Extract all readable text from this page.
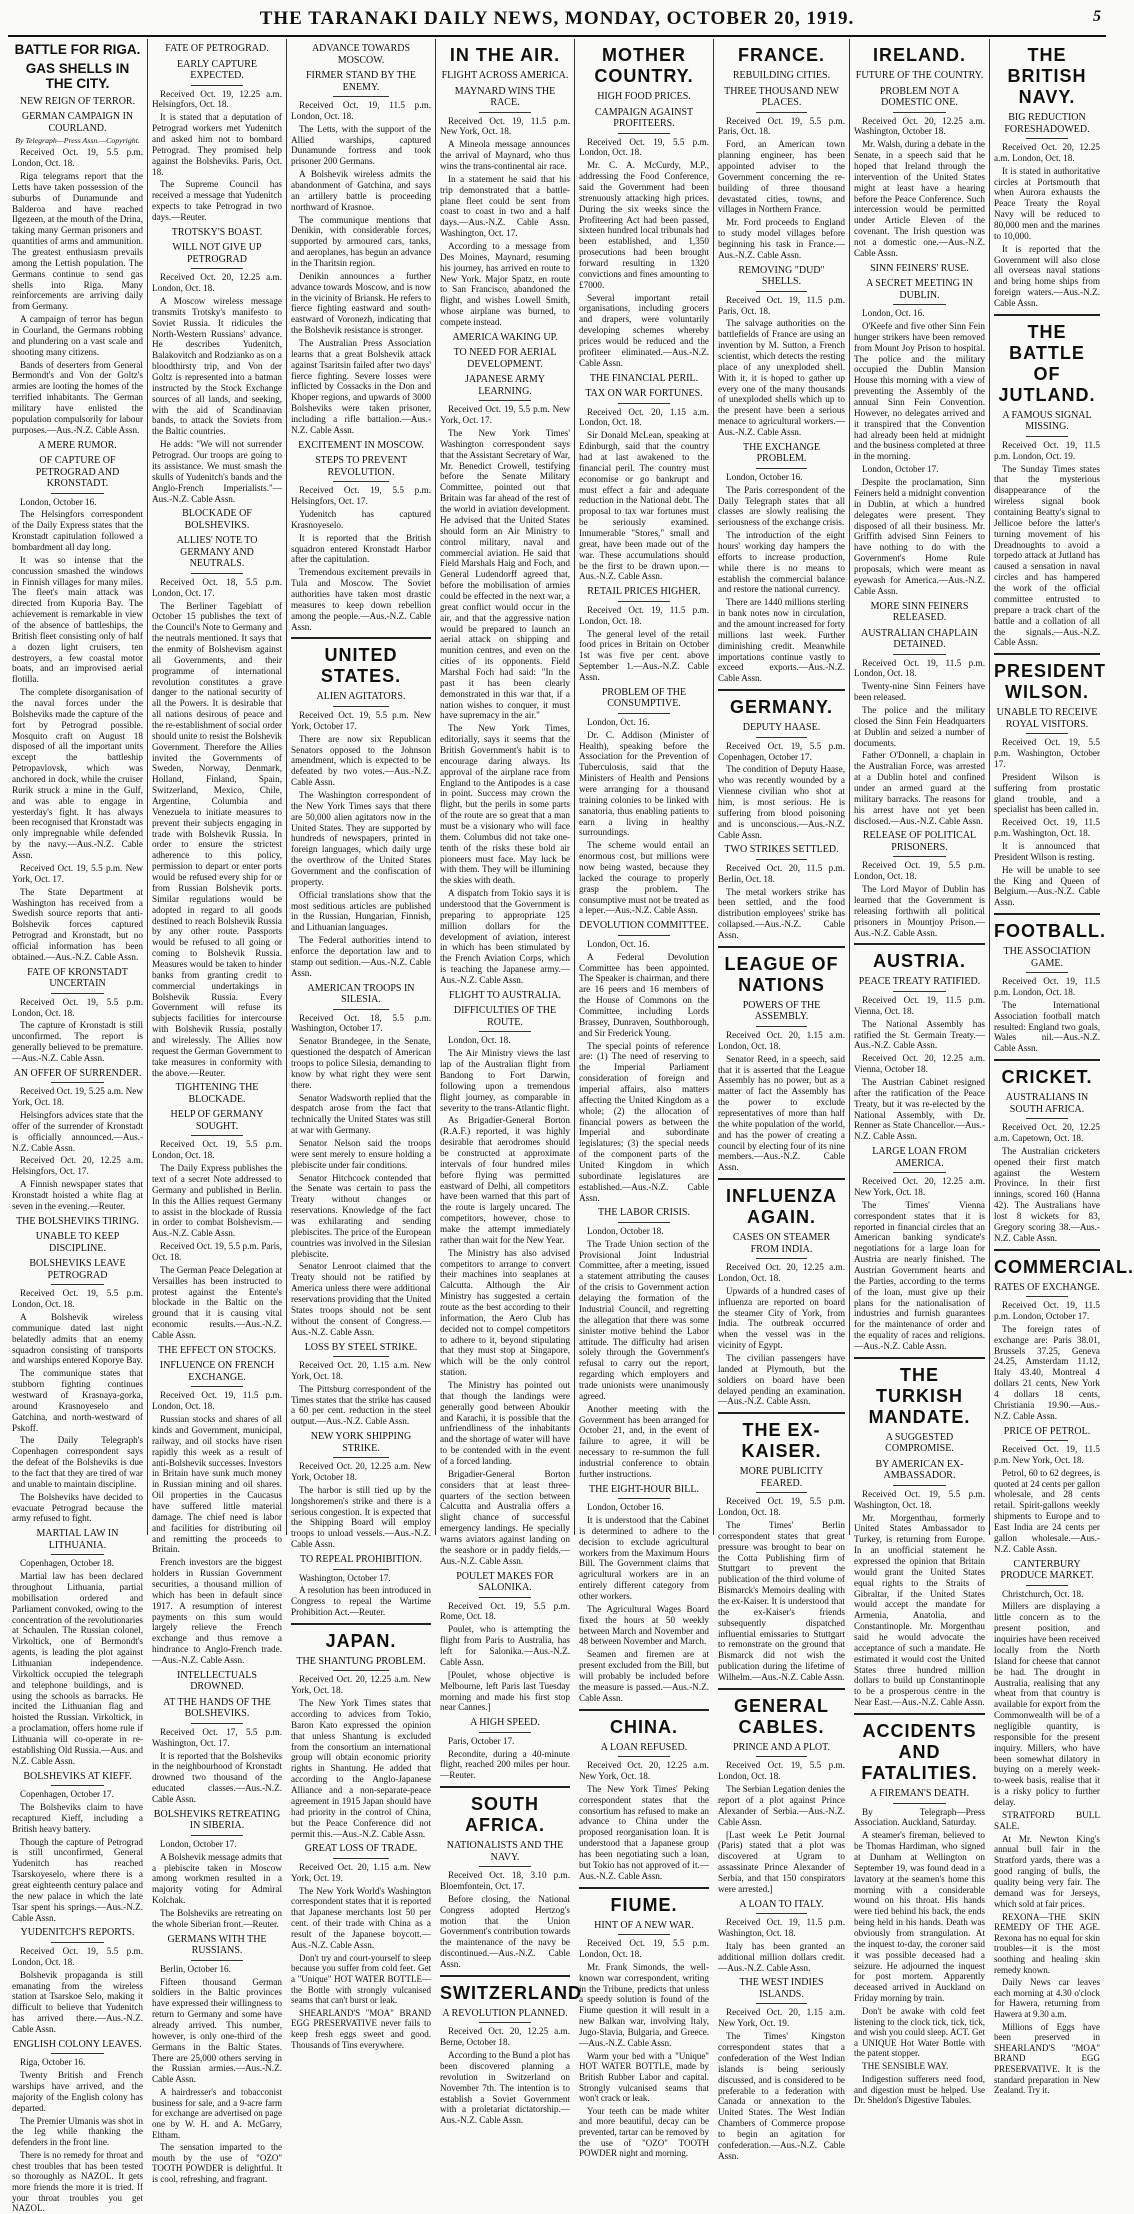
THE TARANAKI DAILY NEWS, MONDAY, OCTOBER 20, 1919.	5
BATTLE FOR RIGA.
GAS SHELLS IN THE CITY.
NEW REIGN OF TERROR.
GERMAN CAMPAIGN IN COURLAND.

By Telegraph—Press Assn.—Copyright.

Received Oct. 19, 5.5 p.m. London, Oct. 18.

Riga telegrams report that the Letts have taken possession of the suburbs of Dunamunde and Balderoa and have reached Ilgezeen, at the mouth of the Drina, taking many German prisoners and quantities of arms and ammunition. The greatest enthusiasm prevails among the Lettish population. The Germans continue to send gas shells into Riga. Many reinforcements are arriving daily from Germany.

A campaign of terror has begun in Courland, the Germans robbing and plundering on a vast scale and shooting many citizens.

Bands of deserters from General Bermondt's and Von der Goltz's armies are looting the homes of the terrified inhabitants. The German military have enlisted the population compulsorily for labour purposes.—Aus.-N.Z. Cable Assn.

A MERE RUMOR.
OF CAPTURE OF PETROGRAD AND KRONSTADT.

London, October 16.

The Helsingfors correspondent of the Daily Express states that the Kronstadt capitulation followed a bombardment all day long.

It was so intense that the concussion smashed the windows in Finnish villages for many miles. The fleet's main attack was directed from Kuporia Bay. The achievement is remarkable in view of the absence of battleships, the British fleet consisting only of half a dozen light cruisers, ten destroyers, a few coastal motor boats, and an improvised aerial flotilla.

The complete disorganisation of the naval forces under the Bolsheviks made the capture of the fort by Petrograd possible. Mosquito craft on August 18 disposed of all the important units except the battleship Petropavlovsk, which was anchored in dock, while the cruiser Rurik struck a mine in the Gulf, and was able to engage in yesterday's fight. It has always been recognised that Kronstadt was only impregnable while defended by the navy.—Aus.-N.Z. Cable Assn.

Received Oct. 19, 5.5 p.m. New York, Oct. 17.

The State Department at Washington has received from a Swedish source reports that anti-Bolshevik forces captured Petrograd and Kronstadt, but no official information has been obtained.—Aus.-N.Z. Cable Assn.

FATE OF KRONSTADT UNCERTAIN

Received Oct. 19, 5.5 p.m. London, Oct. 18.

The capture of Kronstadt is still unconfirmed. The report is generally believed to be premature.—Aus.-N.Z. Cable Assn.

AN OFFER OF SURRENDER.

Received Oct. 19, 5.25 a.m. New York, Oct. 18.

Helsingfors advices state that the offer of the surrender of Kronstadt is officially announced.—Aus.-N.Z. Cable Assn.

Received Oct. 20, 12.25 a.m. Helsingfors, Oct. 17.

A Finnish newspaper states that Kronstadt hoisted a white flag at seven in the evening.—Reuter.

THE BOLSHEVIKS TIRING.
UNABLE TO KEEP DISCIPLINE.
BOLSHEVIKS LEAVE PETROGRAD

Received Oct. 19, 5.5 p.m. London, Oct. 18.

A Bolshevik wireless communique dated last night belatedly admits that an enemy squadron consisting of transports and warships entered Koporye Bay.

The communique states that stubborn fighting continues westward of Krasnaya-gorka, around Krasnoyeselo and Gatchina, and north-westward of Pskoff.

The Daily Telegraph's Copenhagen correspondent says the defeat of the Bolsheviks is due to the fact that they are tired of war and unable to maintain discipline.

The Bolsheviks have decided to evacuate Petrograd because the army refused to fight.

MARTIAL LAW IN LITHUANIA.

Copenhagen, October 18.

Martial law has been declared throughout Lithuania, partial mobilisation ordered and Parliament convoked, owing to the concentration of the revolutionaries at Schaulen. The Russian colonel, Virkoltick, one of Bermondt's agents, is leading the plot against Lithuanian independence. Virkoltick occupied the telegraph and telephone buildings, and is using the schools as barracks. He incited the Lithuanian flag and hoisted the Russian. Virkoltick, in a proclamation, offers home rule if Lithuania will co-operate in re-establishing Old Russia.—Aus. and N.Z. Cable Assn.

BOLSHEVIKS AT KIEFF.

Copenhagen, October 17.

The Bolsheviks claim to have recaptured Kieff, including a British heavy battery.

Though the capture of Petrograd is still unconfirmed, General Yudenitch has reached Tsarskoyeselo, where there is a great eighteenth century palace and the new palace in which the late Tsar spent his springs.—Aus.-N.Z. Cable Assn.

YUDENITCH'S REPORTS.

Received Oct. 19, 5.5 p.m. London, Oct. 18.

Bolshevik propaganda is still emanating from the wireless station at Tsarskoe Selo, making it difficult to believe that Yudenitch has arrived there.—Aus.-N.Z. Cable Assn.

ENGLISH COLONY LEAVES.

Riga, October 16.

Twenty British and French warships have arrived, and the majority of the English colony has departed.

The Premier Ulmanis was shot in the leg while thanking the defenders in the front line.

There is no remedy for throat and chest troubles that has been tested so thoroughly as NAZOL. It gets more friends the more it is tried. If your throat troubles you get NAZOL.

FATE OF PETROGRAD.
EARLY CAPTURE EXPECTED.

Received Oct. 19, 12.25 a.m. Helsingfors, Oct. 18.

It is stated that a deputation of Petrograd workers met Yudenitch and asked him not to bombard Petrograd. They promised help against the Bolsheviks. Paris, Oct. 18.

The Supreme Council has received a message that Yudenitch expects to take Petrograd in two days.—Reuter.

TROTSKY'S BOAST.
WILL NOT GIVE UP PETROGRAD

Received Oct. 20, 12.25 a.m. London, Oct. 18.

A Moscow wireless message transmits Trotsky's manifesto to Soviet Russia. It ridicules the North-Western Russians' advance. He describes Yudenitch, Balakovitch and Rodzianko as on a bloodthirsty trip, and Von der Goltz is represented into a batman instructed by the Stock Exchange sources of all lands, and seeking, with the aid of Scandinavian bands, to attack the Soviets from the Baltic countries.

He adds: "We will not surrender Petrograd. Our troops are going to its assistance. We must smash the skulls of Yudenitch's bands and the Anglo-French Imperialists."—Aus.-N.Z. Cable Assn.

BLOCKADE OF BOLSHEVIKS.
ALLIES' NOTE TO GERMANY AND NEUTRALS.

Received Oct. 18, 5.5 p.m. London, Oct. 17.

The Berliner Tageblatt of October 15 publishes the text of the Council's Note to Germany and the neutrals mentioned. It says that the enmity of Bolshevism against all Governments, and their programme of international revolution constitutes a grave danger to the national security of all the Powers. It is desirable that all nations desirous of peace and the re-establishment of social order should unite to resist the Bolshevik Government. Therefore the Allies invited the Governments of Sweden, Norway, Denmark, Holland, Finland, Spain, Switzerland, Mexico, Chile, Argentine, Columbia and Venezuela to initiate measures to prevent their subjects engaging in trade with Bolshevik Russia. In order to ensure the strictest adherence to this policy, permission to depart or enter ports would be refused every ship for or from Russian Bolshevik ports. Similar regulations would be adopted in regard to all goods destined to reach Bolshevik Russia by any other route. Passports would be refused to all going or coming to Bolshevik Russia. Measures would be taken to hinder banks from granting credit to commercial undertakings in Bolshevik Russia. Every Government will refuse its subjects facilities for intercourse with Bolshevik Russia, postally and wirelessly. The Allies now request the German Government to take measures in conformity with the above.—Reuter.

TIGHTENING THE BLOCKADE.
HELP OF GERMANY SOUGHT.

Received Oct. 19, 5.5 p.m. London, Oct. 18.

The Daily Express publishes the text of a secret Note addressed to Germany and published in Berlin. In this the Allies request Germany to assist in the blockade of Russia in order to combat Bolshevism.—Aus.-N.Z. Cable Assn.

Received Oct. 19, 5.5 p.m. Paris, Oct. 18.

The German Peace Delegation at Versailles has been instructed to protest against the Entente's blockade in the Baltic on the ground that it is causing vital economic results.—Aus.-N.Z. Cable Assn.

THE EFFECT ON STOCKS.
INFLUENCE ON FRENCH EXCHANGE.

Received Oct. 19, 11.5 p.m. London, Oct. 18.

Russian stocks and shares of all kinds and Government, municipal, railway, and oil stocks have risen rapidly this week as a result of anti-Bolshevik successes. Investors in Britain have sunk much money in Russian mining and oil shares. Oil properties in the Caucasus have suffered little material damage. The chief need is labor and facilities for distributing oil and remitting the proceeds to Britain.

French investors are the biggest holders in Russian Government securities, a thousand million of which has been in default since 1917. A resumption of interest payments on this sum would largely relieve the French exchange and thus remove a hindrance to Anglo-French trade.—Aus.-N.Z. Cable Assn.

INTELLECTUALS DROWNED.
AT THE HANDS OF THE BOLSHEVIKS.

Received Oct. 17, 5.5 p.m. Washington, Oct. 17.

It is reported that the Bolsheviks in the neighbourhood of Kronstadt drowned two thousand of the educated classes.—Aus.-N.Z. Cable Assn.

BOLSHEVIKS RETREATING IN SIBERIA.

London, October 17.

A Bolshevik message admits that a plebiscite taken in Moscow among workmen resulted in a majority voting for Admiral Kolchak.

The Bolsheviks are retreating on the whole Siberian front.—Reuter.

GERMANS WITH THE RUSSIANS.

Berlin, October 16.

Fifteen thousand German soldiers in the Baltic provinces have expressed their willingness to return to Germany and some have already arrived. This number, however, is only one-third of the Germans in the Baltic States. There are 25,000 others serving in the Russian armies.—Aus.-N.Z. Cable Assn.

A hairdresser's and tobacconist business for sale, and a 9-acre farm for exchange are advertised on page one by W. H. and A. McGarry, Eltham.

The sensation imparted to the mouth by the use of "OZO" TOOTH POWDER is delightful. It is cool, refreshing, and fragrant.

ADVANCE TOWARDS MOSCOW.
FIRMER STAND BY THE ENEMY.

Received Oct. 19, 11.5 p.m. London, Oct. 18.

The Letts, with the support of the Allied warships, captured Dunamunde fortress and took prisoner 200 Germans.

A Bolshevik wireless admits the abandonment of Gatchina, and says an artillery battle is proceeding northward of Krasnoe.

The communique mentions that Denikin, with considerable forces, supported by armoured cars, tanks, and aeroplanes, has begun an advance in the Tharitsin region.

Denikin announces a further advance towards Moscow, and is now in the vicinity of Briansk. He refers to fierce fighting eastward and south-eastward of Voronezh, indicating that the Bolshevik resistance is stronger.

The Australian Press Association learns that a great Bolshevik attack against Tsaritsin failed after two days' fierce fighting. Severe losses were inflicted by Cossacks in the Don and Khoper regions, and upwards of 3000 Bolsheviks were taken prisoner, including a rifle battalion.—Aus.-N.Z. Cable Assn.

EXCITEMENT IN MOSCOW.
STEPS TO PREVENT REVOLUTION.

Received Oct. 19, 5.5 p.m. Helsingfors, Oct. 17.

Yudenitch has captured Krasnoyeselo.

It is reported that the British squadron entered Kronstadt Harbor after the capitulation.

Tremendous excitement prevails in Tula and Moscow. The Soviet authorities have taken most drastic measures to keep down rebellion among the people.—Aus.-N.Z. Cable Assn.

UNITED STATES.
ALIEN AGITATORS.

Received Oct. 19, 5.5 p.m. New York, October 17.

There are now six Republican Senators opposed to the Johnson amendment, which is expected to be defeated by two votes.—Aus.-N.Z. Cable Assn.

The Washington correspondent of the New York Times says that there are 50,000 alien agitators now in the United States. They are supported by hundreds of newspapers, printed in foreign languages, which daily urge the overthrow of the United States Government and the confiscation of property.

Official translations show that the most seditious articles are published in the Russian, Hungarian, Finnish, and Lithuanian languages.

The Federal authorities intend to enforce the deportation law and to stamp out sedition.—Aus.-N.Z. Cable Assn.

AMERICAN TROOPS IN SILESIA.

Received Oct. 18, 5.5 p.m. Washington, October 17.

Senator Brandegee, in the Senate, questioned the despatch of American troops to police Silesia, demanding to know by what right they were sent there.

Senator Wadsworth replied that the despatch arose from the fact that technically the United States was still at war with Germany.

Senator Nelson said the troops were sent merely to ensure holding a plebiscite under fair conditions.

Senator Hitchcock contended that the Senate was certain to pass the Treaty without changes or reservations. Knowledge of the fact was exhilarating and sending plebiscites. The price of the European countries was involved in the Silesian plebiscite.

Senator Lenroot claimed that the Treaty should not be ratified by America unless there were additional reservations providing that the United States troops should not be sent without the consent of Congress.—Aus.-N.Z. Cable Assn.

LOSS BY STEEL STRIKE.

Received Oct. 20, 1.15 a.m. New York, Oct. 18.

The Pittsburg correspondent of the Times states that the strike has caused a 60 per cent. reduction in the steel output.—Aus.-N.Z. Cable Assn.

NEW YORK SHIPPING STRIKE.

Received Oct. 20, 12.25 a.m. New York, October 18.

The harbor is still tied up by the longshoremen's strike and there is a serious congestion. It is expected that the Shipping Board will employ troops to unload vessels.—Aus.-N.Z. Cable Assn.

TO REPEAL PROHIBITION.

Washington, October 17.

A resolution has been introduced in Congress to repeal the Wartime Prohibition Act.—Reuter.

JAPAN.
THE SHANTUNG PROBLEM.

Received Oct. 20, 12.25 a.m. New York, Oct. 18.

The New York Times states that according to advices from Tokio, Baron Kato expressed the opinion that unless Shantung is excluded from the consortium an international group will obtain economic priority rights in Shantung. He added that according to the Anglo-Japanese Alliance and a non-separate-peace agreement in 1915 Japan should have had priority in the control of China, but the Peace Conference did not permit this.—Aus.-N.Z. Cable Assn.

GREAT LOSS OF TRADE.

Received Oct. 20, 1.15 a.m. New York, Oct. 19.

The New York World's Washington correspondent states that it is reported that Japanese merchants lost 50 per cent. of their trade with China as a result of the Japanese boycott.—Aus.-N.Z. Cable Assn.

Don't try and court-yourself to sleep because you suffer from cold feet. Get a "Unique" HOT WATER BOTTLE—the Bottle with strongly vulcanised seams that can't burst or leak.

SHEARLAND'S "MOA" BRAND EGG PRESERVATIVE never fails to keep fresh eggs sweet and good. Thousands of Tins everywhere.

IN THE AIR.
FLIGHT ACROSS AMERICA.
MAYNARD WINS THE RACE.

Received Oct. 19, 11.5 p.m. New York, Oct. 18.

A Mineola message announces the arrival of Maynard, who thus wins the trans-continental air race.

In a statement he said that his trip demonstrated that a battle-plane fleet could be sent from coast to coast in two and a half days.—Aus.-N.Z. Cable Assn. Washington, Oct. 17.

According to a message from Des Moines, Maynard, resuming his journey, has arrived en route to New York. Major Spatz, en route to San Francisco, abandoned the flight, and wishes Lowell Smith, whose airplane was burned, to compete instead.

AMERICA WAKING UP.
TO NEED FOR AERIAL DEVELOPMENT.
JAPANESE ARMY LEARNING.

Received Oct. 19, 5.5 p.m. New York, Oct. 17.

The New York Times' Washington correspondent says that the Assistant Secretary of War, Mr. Benedict Crowell, testifying before the Senate Military Committee, pointed out that Britain was far ahead of the rest of the world in aviation development. He advised that the United States should form an Air Ministry to control military, naval and commercial aviation. He said that Field Marshals Haig and Foch, and General Ludendorff agreed that, before the mobilisation of armies could be effected in the next war, a great conflict would occur in the air, and that the aggressive nation would be prepared to launch an aerial attack on shipping and munition centres, and even on the cities of its opponents. Field Marshal Foch had said: "In the past it has been clearly demonstrated in this war that, if a nation wishes to conquer, it must have supremacy in the air."

The New York Times, editorially, says it seems that the British Government's habit is to encourage daring always. Its approval of the airplane race from England to the Antipodes is a case in point. Success may crown the flight, but the perils in some parts of the route are so great that a man must be a visionary who will face them. Columbus did not take one-tenth of the risks these bold air pioneers must face. May luck be with them. They will be illumining the skies with death.

A dispatch from Tokio says it is understood that the Government is preparing to appropriate 125 million dollars for the development of aviation, interest in which has been stimulated by the French Aviation Corps, which is teaching the Japanese army.—Aus.-N.Z. Cable Assn.

FLIGHT TO AUSTRALIA.
DIFFICULTIES OF THE ROUTE.

London, Oct. 18.

The Air Ministry views the last lap of the Australian flight from Bandong to Fort Darwin, following upon a tremendous flight journey, as comparable in severity to the trans-Atlantic flight.

As Brigadier-General Borton (R.A.F.) reported, it was highly desirable that aerodromes should be constructed at approximate intervals of four hundred miles before flying was permitted eastward of Delhi, all competitors have been warned that this part of the route is largely uncared. The competitors, however, chose to make the attempt immediately rather than wait for the New Year.

The Ministry has also advised competitors to arrange to convert their machines into seaplanes at Calcutta. Although the Air Ministry has suggested a certain route as the best according to their information, the Aero Club has decided not to compel competitors to adhere to it, beyond stipulating that they must stop at Singapore, which will be the only control station.

The Ministry has pointed out that though the landings were generally good between Aboukir and Karachi, it is possible that the unfriendliness of the inhabitants and the shortage of water will have to be contended with in the event of a forced landing.

Brigadier-General Borton considers that at least three-quarters of the section between Calcutta and Australia offers a slight chance of successful emergency landings. He specially warns aviators against landing on the seashore or in paddy fields.—Aus.-N.Z. Cable Assn.

POULET MAKES FOR SALONIKA.

Received Oct. 19, 5.5 p.m. Rome, Oct. 18.

Poulet, who is attempting the flight from Paris to Australia, has left for Salonika.—Aus.-N.Z. Cable Assn.

[Poulet, whose objective is Melbourne, left Paris last Tuesday morning and made his first stop near Cannes.]

A HIGH SPEED.

Paris, October 17.

Recondite, during a 40-minute flight, reached 200 miles per hour.—Reuter.

SOUTH AFRICA.
NATIONALISTS AND THE NAVY.

Received Oct. 18, 3.10 p.m. Bloemfontein, Oct. 17.

Before closing, the National Congress adopted Hertzog's motion that the Union Government's contribution towards the maintenance of the navy be discontinued.—Aus.-N.Z. Cable Assn.

SWITZERLAND
A REVOLUTION PLANNED.

Received Oct. 20, 12.25 a.m. Berne, October 18.

According to the Bund a plot has been discovered planning a revolution in Switzerland on November 7th. The intention is to establish a Soviet Government with a proletariat dictatorship.—Aus.-N.Z. Cable Assn.

MOTHER COUNTRY.
HIGH FOOD PRICES.
CAMPAIGN AGAINST PROFITEERS.

Received Oct. 19, 5.5 p.m. London, Oct. 18.

Mr. C. A. McCurdy, M.P., addressing the Food Conference, said the Government had been strenuously attacking high prices. During the six weeks since the Profiteering Act had been passed, sixteen hundred local tribunals had been established, and 1,350 prosecutions had been brought forward resulting in 1320 convictions and fines amounting to £7000.

Several important retail organisations, including grocers and drapers, were voluntarily developing schemes whereby prices would be reduced and the profiteer eliminated.—Aus.-N.Z. Cable Assn.

THE FINANCIAL PERIL.
TAX ON WAR FORTUNES.

Received Oct. 20, 1.15 a.m. London, Oct. 18.

Sir Donald McLean, speaking at Edinburgh, said that the country had at last awakened to the financial peril. The country must economise or go bankrupt and must effect a fair and adequate reduction in the National debt. The proposal to tax war fortunes must be seriously examined. Innumerable "Stores," small and great, have been made out of the war. These accumulations should be the first to be drawn upon.—Aus.-N.Z. Cable Assn.

RETAIL PRICES HIGHER.

Received Oct. 19, 11.5 p.m. London, Oct. 18.

The general level of the retail food prices in Britain on October 1st was five per cent. above September 1.—Aus.-N.Z. Cable Assn.

PROBLEM OF THE CONSUMPTIVE.

London, Oct. 16.

Dr. C. Addison (Minister of Health), speaking before the Association for the Prevention of Tuberculosis, said that the Ministers of Health and Pensions were arranging for a thousand training colonies to be linked with sanatoria, thus enabling patients to earn a living in healthy surroundings.

The scheme would entail an enormous cost, but millions were now being wasted, because they lacked the courage to properly grasp the problem. The consumptive must not be treated as a leper.—Aus.-N.Z. Cable Assn.

DEVOLUTION COMMITTEE.

London, Oct. 16.

A Federal Devolution Committee has been appointed. The Speaker is chairman, and there are 16 peers and 16 members of the House of Commons on the Committee, including Lords Brassey, Dunraven, Southborough, and Sir Frederick Young.

The special points of reference are: (1) The need of reserving to the Imperial Parliament consideration of foreign and imperial affairs, also matters affecting the United Kingdom as a whole; (2) the allocation of financial powers as between the Imperial and subordinate legislatures; (3) the special needs of the component parts of the United Kingdom in which subordinate legislatures are established.—Aus.-N.Z. Cable Assn.

THE LABOR CRISIS.

London, October 18.

The Trade Union section of the Provisional Joint Industrial Committee, after a meeting, issued a statement attributing the causes of the crisis to Government action delaying the formation of the Industrial Council, and regretting the allegation that there was some sinister motive behind the Labor attitude. The difficulty had arisen solely through the Government's refusal to carry out the report, regarding which employers and trade unionists were unanimously agreed.

Another meeting with the Government has been arranged for October 21, and, in the event of failure to agree, it will be necessary to re-summon the full industrial conference to obtain further instructions.

THE EIGHT-HOUR BILL.

London, October 16.

It is understood that the Cabinet is determined to adhere to the decision to exclude agricultural workers from the Maximum Hours Bill. The Government claims that agricultural workers are in an entirely different category from other workers.

The Agricultural Wages Board fixed the hours at 50 weekly between March and November and 48 between November and March.

Seamen and firemen are at present excluded from the Bill, but will probably be included before the measure is passed.—Aus.-N.Z. Cable Assn.

CHINA.
A LOAN REFUSED.

Received Oct. 20, 12.25 a.m. New York, Oct. 18.

The New York Times' Peking correspondent states that the consortium has refused to make an advance to China under the proposed reorganisation loan. It is understood that a Japanese group has been negotiating such a loan, but Tokio has not approved of it.—Aus.-N.Z. Cable Assn.

FIUME.
HINT OF A NEW WAR.

Received Oct. 19, 5.5 p.m. London, Oct. 18.

Mr. Frank Simonds, the well-known war correspondent, writing in the Tribune, predicts that unless a speedy solution is found of the Fiume question it will result in a new Balkan war, involving Italy, Jugo-Slavia, Bulgaria, and Greece.—Aus.-N.Z. Cable Assn.

Warm your bed with a "Unique" HOT WATER BOTTLE, made by British Rubber Labor and capital. Strongly vulcanised seams that won't crack or leak.

Your teeth can be made whiter and more beautiful, decay can be prevented, tartar can be removed by the use of "OZO" TOOTH POWDER night and morning.

FRANCE.
REBUILDING CITIES.
THREE THOUSAND NEW PLACES.

Received Oct. 19, 5.5 p.m. Paris, Oct. 18.

Ford, an American town planning engineer, has been appointed adviser to the Government concerning the re-building of three thousand devastated cities, towns, and villages in Northern France.

Mr. Ford proceeds to England to study model villages before beginning his task in France.—Aus.-N.Z. Cable Assn.

REMOVING "DUD" SHELLS.

Received Oct. 19, 11.5 p.m. Paris, Oct. 18.

The salvage authorities on the battlefields of France are using an invention by M. Sutton, a French scientist, which detects the resting place of any unexploded shell. With it, it is hoped to gather up every one of the many thousands of unexploded shells which up to the present have been a serious menace to agricultural workers.—Aus.-N.Z. Cable Assn.

THE EXCHANGE PROBLEM.

London, October 16.

The Paris correspondent of the Daily Telegraph states that all classes are slowly realising the seriousness of the exchange crisis.

The introduction of the eight hours' working day hampers the efforts to increase production, while there is no means to establish the commercial balance and restore the national currency.

There are 1440 millions sterling in bank notes now in circulation, and the amount increased for forty millions last week. Further diminishing credit. Meanwhile importations continue vastly to exceed exports.—Aus.-N.Z. Cable Assn.

GERMANY.
DEPUTY HAASE.

Received Oct. 19, 5.5 p.m. Copenhagen, October 17.

The condition of Deputy Haase, who was recently wounded by a Viennese civilian who shot at him, is most serious. He is suffering from blood poisoning and is unconscious.—Aus.-N.Z. Cable Assn.

TWO STRIKES SETTLED.

Received Oct. 20, 11.5 p.m. Berlin, Oct. 18.

The metal workers strike has been settled, and the food distribution employees' strike has collapsed.—Aus.-N.Z. Cable Assn.

LEAGUE OF NATIONS
POWERS OF THE ASSEMBLY.

Received Oct. 20, 1.15 a.m. London, Oct. 18.

Senator Reed, in a speech, said that it is asserted that the League Assembly has no power, but as a matter of fact the Assembly has the power to exclude representatives of more than half the white population of the world, and has the power of creating a council by electing four of its nine members.—Aus.-N.Z. Cable Assn.

INFLUENZA AGAIN.
CASES ON STEAMER FROM INDIA.

Received Oct. 20, 12.25 a.m. London, Oct. 18.

Upwards of a hundred cases of influenza are reported on board the steamer City of York, from India. The outbreak occurred when the vessel was in the vicinity of Egypt.

The civilian passengers have landed at Plymouth, but the soldiers on board have been delayed pending an examination.—Aus.-N.Z. Cable Assn.

THE EX-KAISER.
MORE PUBLICITY FEARED.

Received Oct. 19, 5.5 p.m. London, Oct. 18.

The Times' Berlin correspondent states that great pressure was brought to bear on the Cotta Publishing firm of Stuttgart to prevent the publication of the third volume of Bismarck's Memoirs dealing with the ex-Kaiser. It is understood that the ex-Kaiser's friends subsequently dispatched influential emissaries to Stuttgart to remonstrate on the ground that Bismarck did not wish the publication during the lifetime of Wilhelm.—Aus.-N.Z. Cable Assn.

GENERAL CABLES.
PRINCE AND A PLOT.

Received Oct. 19, 5.5 p.m. London, Oct. 18.

The Serbian Legation denies the report of a plot against Prince Alexander of Serbia.—Aus.-N.Z. Cable Assn.

[Last week Le Petit Journal (Paris) stated that a plot was discovered at Ugram to assassinate Prince Alexander of Serbia, and that 150 conspirators were arrested.]

A LOAN TO ITALY.

Received Oct. 19, 11.5 p.m. Washington, Oct. 18.

Italy has been granted an additional million dollars credit.—Aus.-N.Z. Cable Assn.

THE WEST INDIES ISLANDS.

Received Oct. 20, 1.15 a.m. New York, Oct. 19.

The Times' Kingston correspondent states that a confederation of the West Indian islands is being seriously discussed, and is considered to be preferable to a federation with Canada or annexation to the United States. The West Indian Chambers of Commerce propose to begin an agitation for confederation.—Aus.-N.Z. Cable Assn.

IRELAND.
FUTURE OF THE COUNTRY.
PROBLEM NOT A DOMESTIC ONE.

Received Oct. 20, 12.25 a.m. Washington, October 18.

Mr. Walsh, during a debate in the Senate, in a speech said that he hoped that Ireland through the intervention of the United States might at least have a hearing before the Peace Conference. Such intercession would be permitted under Article Eleven of the covenant. The Irish question was not a domestic one.—Aus.-N.Z. Cable Assn.

SINN FEINERS' RUSE.
A SECRET MEETING IN DUBLIN.

London, Oct. 16.

O'Keefe and five other Sinn Fein hunger strikers have been removed from Mount Joy Prison to hospital. The police and the military occupied the Dublin Mansion House this morning with a view of preventing the Assembly of the annual Sinn Fein Convention. However, no delegates arrived and it transpired that the Convention had already been held at midnight and the business completed at three in the morning.

London, October 17.

Despite the proclamation, Sinn Feiners held a midnight convention in Dublin, at which a hundred delegates were present. They disposed of all their business. Mr. Griffith advised Sinn Feiners to have nothing to do with the Government's Home Rule proposals, which were meant as eyewash for America.—Aus.-N.Z. Cable Assn.

MORE SINN FEINERS RELEASED.
AUSTRALIAN CHAPLAIN DETAINED.

Received Oct. 19, 11.5 p.m. London, Oct. 18.

Twenty-nine Sinn Feiners have been released.

The police and the military closed the Sinn Fein Headquarters at Dublin and seized a number of documents.

Father O'Donnell, a chaplain in the Australian Force, was arrested at a Dublin hotel and confined under an armed guard at the military barracks. The reasons for his arrest have not yet been disclosed.—Aus.-N.Z. Cable Assn.

RELEASE OF POLITICAL PRISONERS.

Received Oct. 19, 5.5 p.m. London, Oct. 18.

The Lord Mayor of Dublin has learned that the Government is releasing forthwith all political prisoners in Mountjoy Prison.—Aus.-N.Z. Cable Assn.

AUSTRIA.
PEACE TREATY RATIFIED.

Received Oct. 19, 11.5 p.m. Vienna, Oct. 18.

The National Assembly has ratified the St. Germain Treaty.—Aus.-N.Z. Cable Assn.

Received Oct. 20, 12.25 a.m. Vienna, October 18.

The Austrian Cabinet resigned after the ratification of the Peace Treaty, but it was re-elected by the National Assembly, with Dr. Renner as State Chancellor.—Aus.-N.Z. Cable Assn.

LARGE LOAN FROM AMERICA.

Received Oct. 20, 12.25 a.m. New York, Oct. 18.

The Times' Vienna correspondent states that it is reported in financial circles that an American banking syndicate's negotiations for a large loan for Austria are nearly finished. The Austrian Government hearts and the Parties, according to the terms of the loan, must give up their plans for the nationalisation of industries and furnish guarantees for the maintenance of order and the equality of races and religions.—Aus.-N.Z. Cable Assn.

THE TURKISH MANDATE.
A SUGGESTED COMPROMISE.
BY AMERICAN EX-AMBASSADOR.

Received Oct. 19, 5.5 p.m. Washington, Oct. 18.

Mr. Morgenthau, formerly United States Ambassador to Turkey, is returning from Europe. In an unofficial statement he expressed the opinion that Britain would grant the United States equal rights to the Straits of Gibraltar, if the United States would accept the mandate for Armenia, Anatolia, and Constantinople. Mr. Morgenthau said he would advocate the acceptance of such a mandate. He estimated it would cost the United States three hundred million dollars to build up Constantinople to be a prosperous centre in the Near East.—Aus.-N.Z. Cable Assn.

ACCIDENTS AND FATALITIES.
A FIREMAN'S DEATH.

By Telegraph—Press Association. Auckland, Saturday.

A steamer's fireman, believed to be Thomas Hardiman, who signed at Dunham at Wellington on September 19, was found dead in a lavatory at the seamen's home this morning with a considerable wound on his throat. His hands were tied behind his back, the ends being held in his hands. Death was obviously from strangulation. At the inquest to-day, the coroner said it was possible deceased had a seizure. He adjourned the inquest for post mortem. Apparently deceased arrived in Auckland on Friday morning by train.

Don't be awake with cold feet listening to the clock tick, tick, tick, and wish you could sleep. ACT. Get a UNIQUE Hot Water Bottle with the patent stopper.

THE SENSIBLE WAY.

Indigestion sufferers need food, and digestion must be helped. Use Dr. Sheldon's Digestive Tabules.

THE BRITISH NAVY.
BIG REDUCTION FORESHADOWED.

Received Oct. 20, 12.25 a.m. London, Oct. 18.

It is stated in authoritative circles at Portsmouth that when Aurora exhausts the Peace Treaty the Royal Navy will be reduced to 80,000 men and the marines to 10,000.

It is reported that the Government will also close all overseas naval stations and bring home ships from foreign waters.—Aus.-N.Z. Cable Assn.

THE BATTLE OF JUTLAND.
A FAMOUS SIGNAL MISSING.

Received Oct. 19, 11.5 p.m. London, Oct. 19.

The Sunday Times states that the mysterious disappearance of the wireless signal book containing Beatty's signal to Jellicoe before the latter's turning movement of his Dreadnoughts to avoid a torpedo attack at Jutland has caused a sensation in naval circles and has hampered the work of the official committee entrusted to prepare a track chart of the battle and a collation of all the signals.—Aus.-N.Z. Cable Assn.

PRESIDENT WILSON.
UNABLE TO RECEIVE ROYAL VISITORS.

Received Oct. 19, 5.5 p.m. Washington, October 17.

President Wilson is suffering from prostatic gland trouble, and a specialist has been called in.

Received Oct. 19, 11.5 p.m. Washington, Oct. 18.

It is announced that President Wilson is resting.

He will be unable to see the King and Queen of Belgium.—Aus.-N.Z. Cable Assn.

FOOTBALL.
THE ASSOCIATION GAME.

Received Oct. 19, 11.5 p.m. London, Oct. 18.

The International Association football match resulted: England two goals, Wales nil.—Aus.-N.Z. Cable Assn.

CRICKET.
AUSTRALIANS IN SOUTH AFRICA.

Received Oct. 20, 12.25 a.m. Capetown, Oct. 18.

The Australian cricketers opened their first match against the Western Province. In their first innings, scored 160 (Hanna 42). The Australians have lost 8 wickets for 83, Gregory scoring 38.—Aus.-N.Z. Cable Assn.

COMMERCIAL.
RATES OF EXCHANGE.

Received Oct. 19, 11.5 p.m. London, October 17.

The foreign rates of exchange are: Paris 38.01, Brussels 37.25, Geneva 24.25, Amsterdam 11.12, Italy 43.40, Montreal 4 dollars 21 cents, New York 4 dollars 18 cents, Christiania 19.90.—Aus.-N.Z. Cable Assn.

PRICE OF PETROL.

Received Oct. 19, 11.5 p.m. New York, Oct. 18.

Petrol, 60 to 62 degrees, is quoted at 24 cents per gallon wholesale, and 28 cents retail. Spirit-gallons weekly shipments to Europe and to East India are 24 cents per gallon wholesale.—Aus.-N.Z. Cable Assn.

CANTERBURY PRODUCE MARKET.

Christchurch, Oct. 18.

Millers are displaying a little concern as to the present position, and inquiries have been received locally from the North Island for cheese that cannot be had. The drought in Australia, realising that any wheat from that country is available for export from the Commonwealth will be of a negligible quantity, is responsible for the present inquiry. Millers, who have been somewhat dilatory in buying on a merely week-to-week basis, realise that it is a risky policy to further delay.

STRATFORD BULL SALE.

At Mr. Newton King's annual bull fair in the Stratford yards, there was a good ranging of bulls, the quality being very fair. The demand was for Jerseys, which sold at fair prices.

REXONA—THE SKIN REMEDY OF THE AGE. Rexona has no equal for skin troubles—it is the most soothing and healing skin remedy known.

Daily News car leaves each morning at 4.30 o'clock for Hawera, returning from Hawera at 9.30 a.m.

Millions of Eggs have been preserved in SHEARLAND'S "MOA" BRAND EGG PRESERVATIVE. It is the standard preparation in New Zealand. Try it.
